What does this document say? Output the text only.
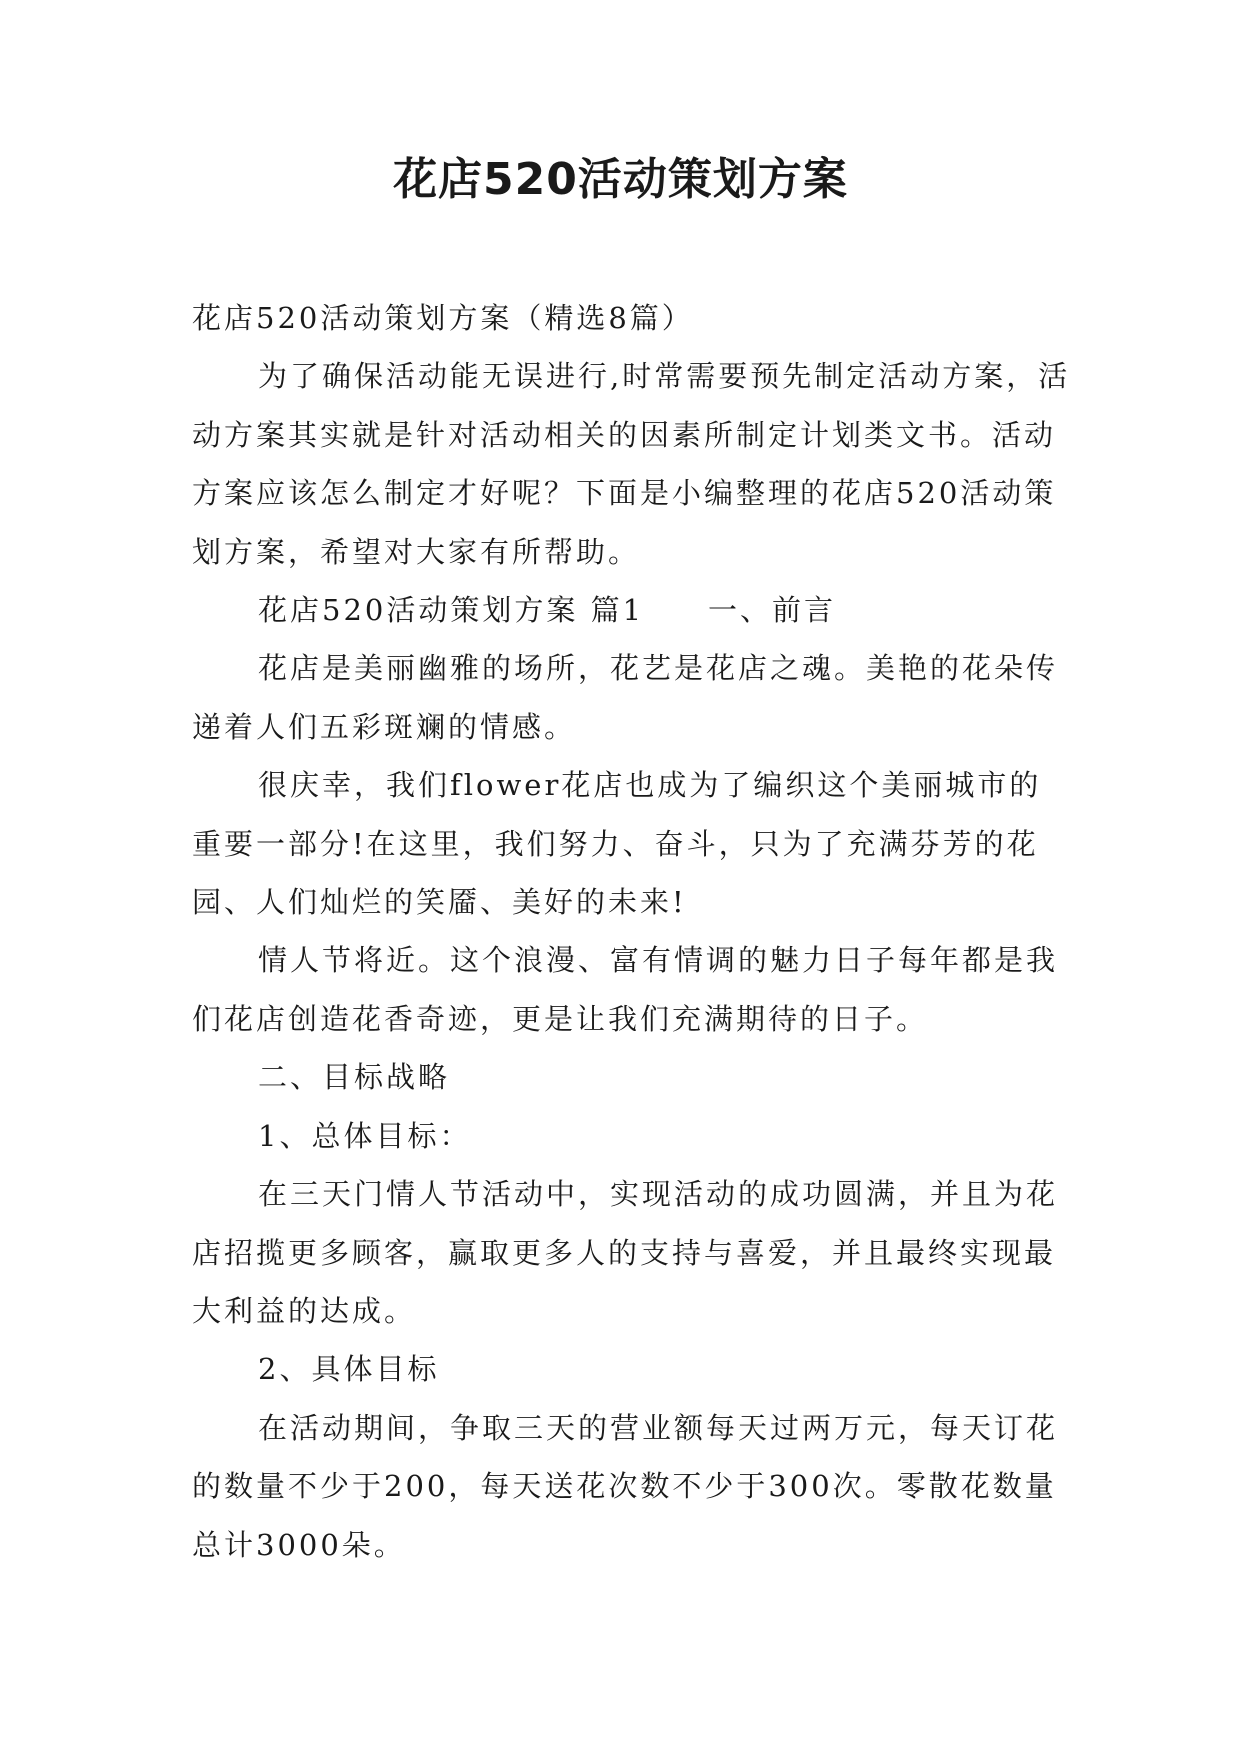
花店520活动策划方案

花店520活动策划方案（精选8篇）

为了确保活动能无误进行,时常需要预先制定活动方案，活动方案其实就是针对活动相关的因素所制定计划类文书。活动方案应该怎么制定才好呢？下面是小编整理的花店520活动策划方案，希望对大家有所帮助。

花店520活动策划方案 篇1　　一、前言

花店是美丽幽雅的场所，花艺是花店之魂。美艳的花朵传递着人们五彩斑斓的情感。

很庆幸，我们flower花店也成为了编织这个美丽城市的重要一部分!在这里，我们努力、奋斗，只为了充满芬芳的花园、人们灿烂的笑靥、美好的未来!

情人节将近。这个浪漫、富有情调的魅力日子每年都是我们花店创造花香奇迹，更是让我们充满期待的日子。

二、目标战略

1、总体目标：

在三天门情人节活动中，实现活动的成功圆满，并且为花店招揽更多顾客，赢取更多人的支持与喜爱，并且最终实现最大利益的达成。

2、具体目标

在活动期间，争取三天的营业额每天过两万元，每天订花的数量不少于200，每天送花次数不少于300次。零散花数量总计3000朵。
